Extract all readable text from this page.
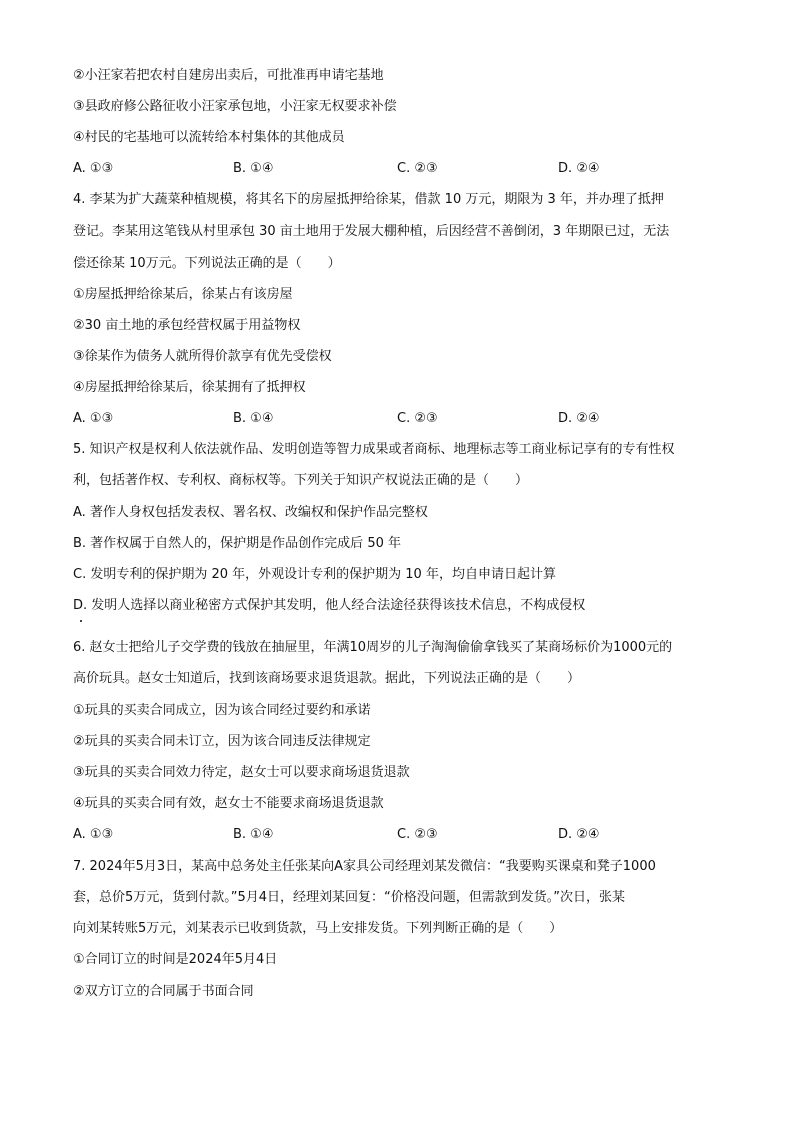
②小汪家若把农村自建房出卖后，可批准再申请宅基地
③县政府修公路征收小汪家承包地，小汪家无权要求补偿
④村民的宅基地可以流转给本村集体的其他成员
A. ①③	B. ①④	C. ②③	D. ②④
4. 李某为扩大蔬菜种植规模，将其名下的房屋抵押给徐某，借款 10 万元，期限为 3 年，并办理了抵押
登记。李某用这笔钱从村里承包 30 亩土地用于发展大棚种植，后因经营不善倒闭，3 年期限已过，无法
偿还徐某 10万元。下列说法正确的是（　　）
①房屋抵押给徐某后，徐某占有该房屋
②30 亩土地的承包经营权属于用益物权
③徐某作为债务人就所得价款享有优先受偿权
④房屋抵押给徐某后，徐某拥有了抵押权
A. ①③	B. ①④	C. ②③	D. ②④
5. 知识产权是权利人依法就作品、发明创造等智力成果或者商标、地理标志等工商业标记享有的专有性权
利，包括著作权、专利权、商标权等。下列关于知识产权说法正确的是（　　）
A. 著作人身权包括发表权、署名权、改编权和保护作品完整权
B. 著作权属于自然人的，保护期是作品创作完成后 50 年
C. 发明专利的保护期为 20 年，外观设计专利的保护期为 10 年，均自申请日起计算
D. 发明人选择以商业秘密方式保护其发明，他人经合法途径获得该技术信息，不构成侵权
6. 赵女士把给儿子交学费的钱放在抽屉里，年满10周岁的儿子淘淘偷偷拿钱买了某商场标价为1000元的
高价玩具。赵女士知道后，找到该商场要求退货退款。据此，下列说法正确的是（　　）
①玩具的买卖合同成立，因为该合同经过要约和承诺
②玩具的买卖合同未订立，因为该合同违反法律规定
③玩具的买卖合同效力待定，赵女士可以要求商场退货退款
④玩具的买卖合同有效，赵女士不能要求商场退货退款
A. ①③	B. ①④	C. ②③	D. ②④
7. 2024年5月3日，某高中总务处主任张某向A家具公司经理刘某发微信：“我要购买课桌和凳子1000
套，总价5万元，货到付款。”5月4日，经理刘某回复：“价格没问题，但需款到发货。”次日，张某
向刘某转账5万元，刘某表示已收到货款，马上安排发货。下列判断正确的是（　　）
①合同订立的时间是2024年5月4日
②双方订立的合同属于书面合同
